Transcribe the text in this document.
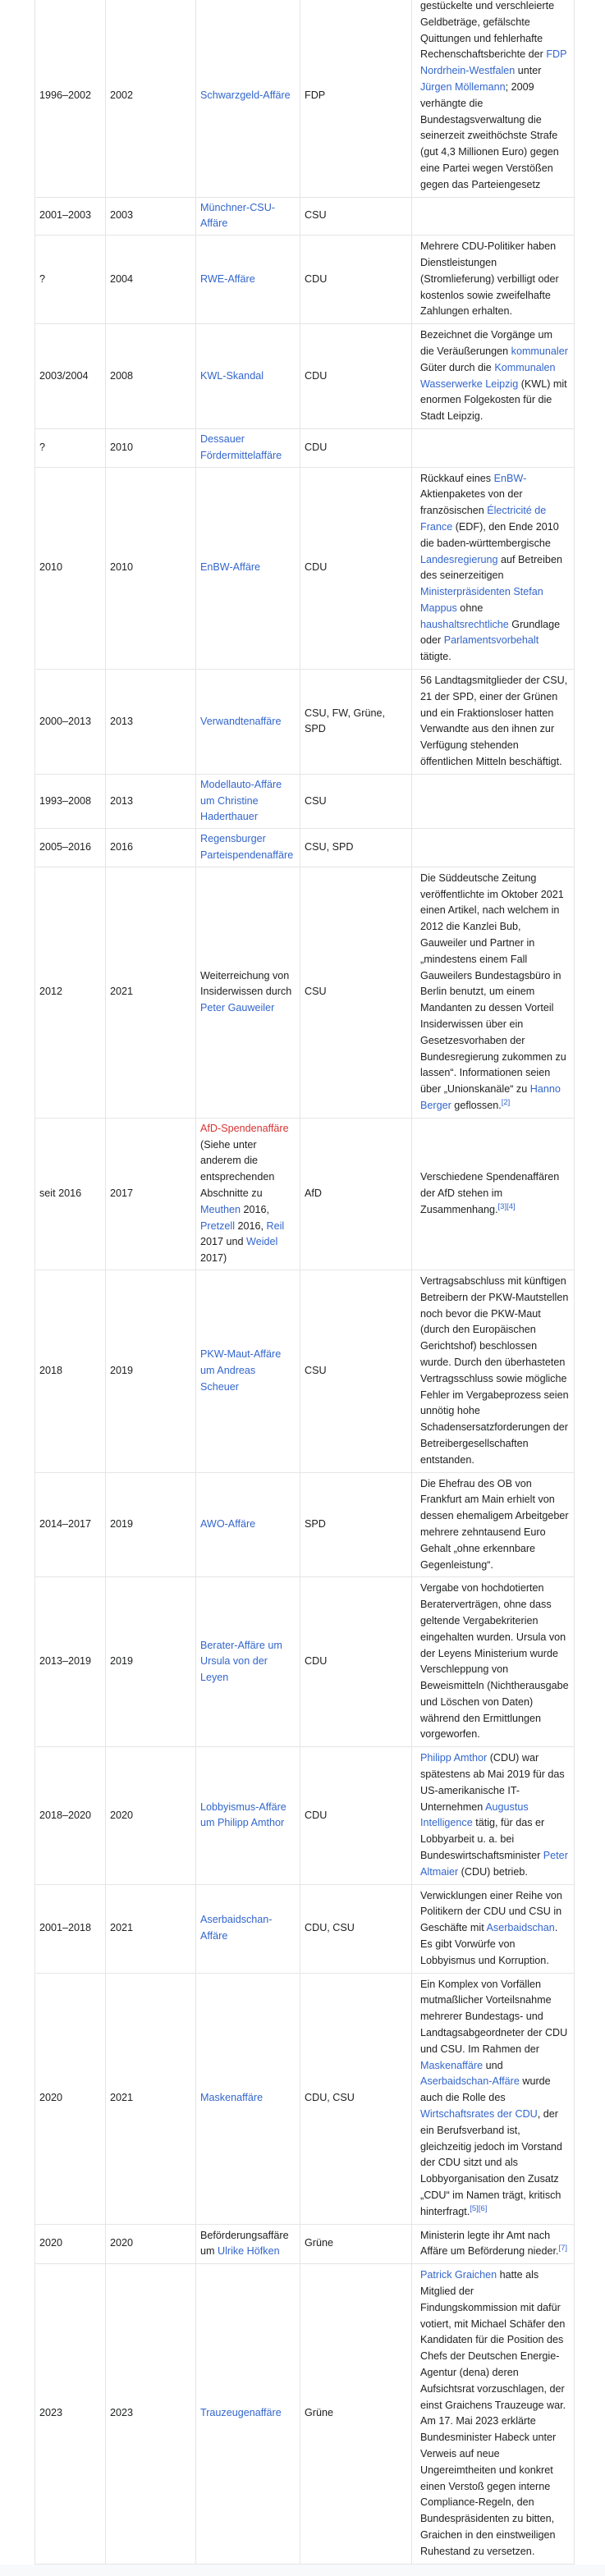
1996–2002	2002	Schwarzgeld-Affäre	FDP	gestückelte und verschleierte Geldbeträge, gefälschte Quittungen und fehlerhafte Rechenschaftsberichte der FDP Nordrhein-Westfalen unter Jürgen Möllemann; 2009 verhängte die Bundestagsverwaltung die seinerzeit zweithöchste Strafe (gut 4,3 Millionen Euro) gegen eine Partei wegen Verstößen gegen das Parteiengesetz
2001–2003	2003	Münchner-CSU-Affäre	CSU	
?	2004	RWE-Affäre	CDU	Mehrere CDU-Politiker haben Dienstleistungen (Stromlieferung) verbilligt oder kostenlos sowie zweifelhafte Zahlungen erhalten.
2003/2004	2008	KWL-Skandal	CDU	Bezeichnet die Vorgänge um die Veräußerungen kommunaler Güter durch die Kommunalen Wasserwerke Leipzig (KWL) mit enormen Folgekosten für die Stadt Leipzig.
?	2010	Dessauer Fördermittelaffäre	CDU	
2010	2010	EnBW-Affäre	CDU	Rückkauf eines EnBW-Aktienpaketes von der französischen Électricité de France (EDF), den Ende 2010 die baden-württembergische Landesregierung auf Betreiben des seinerzeitigen Ministerpräsidenten Stefan Mappus ohne haushaltsrechtliche Grundlage oder Parlamentsvorbehalt tätigte.
2000–2013	2013	Verwandtenaffäre	CSU, FW, Grüne, SPD	56 Landtagsmitglieder der CSU, 21 der SPD, einer der Grünen und ein Fraktionsloser hatten Verwandte aus den ihnen zur Verfügung stehenden öffentlichen Mitteln beschäftigt.
1993–2008	2013	Modellauto-Affäre um Christine Haderthauer	CSU	
2005–2016	2016	Regensburger Parteispendenaffäre	CSU, SPD	
2012	2021	Weiterreichung von Insiderwissen durch Peter Gauweiler	CSU	Die Süddeutsche Zeitung veröffentlichte im Oktober 2021 einen Artikel, nach welchem in 2012 die Kanzlei Bub, Gauweiler und Partner in „mindestens einem Fall Gauweilers Bundestagsbüro in Berlin benutzt, um einem Mandanten zu dessen Vorteil Insiderwissen über ein Gesetzesvorhaben der Bundesregierung zukommen zu lassen“. Informationen seien über „Unionskanäle“ zu Hanno Berger geflossen.[2]
seit 2016	2017	AfD-Spendenaffäre (Siehe unter anderem die entsprechenden Abschnitte zu Meuthen 2016, Pretzell 2016, Reil 2017 und Weidel 2017)	AfD	Verschiedene Spendenaffären der AfD stehen im Zusammenhang.[3][4]
2018	2019	PKW-Maut-Affäre um Andreas Scheuer	CSU	Vertragsabschluss mit künftigen Betreibern der PKW-Mautstellen noch bevor die PKW-Maut (durch den Europäischen Gerichtshof) beschlossen wurde. Durch den überhasteten Vertragsschluss sowie mögliche Fehler im Vergabeprozess seien unnötig hohe Schadensersatzforderungen der Betreibergesellschaften entstanden.
2014–2017	2019	AWO-Affäre	SPD	Die Ehefrau des OB von Frankfurt am Main erhielt von dessen ehemaligem Arbeitgeber mehrere zehntausend Euro Gehalt „ohne erkennbare Gegenleistung“.
2013–2019	2019	Berater-Affäre um Ursula von der Leyen	CDU	Vergabe von hochdotierten Beraterverträgen, ohne dass geltende Vergabekriterien eingehalten wurden. Ursula von der Leyens Ministerium wurde Verschleppung von Beweismitteln (Nichtherausgabe und Löschen von Daten) während den Ermittlungen vorgeworfen.
2018–2020	2020	Lobbyismus-Affäre um Philipp Amthor	CDU	Philipp Amthor (CDU) war spätestens ab Mai 2019 für das US-amerikanische IT-Unternehmen Augustus Intelligence tätig, für das er Lobbyarbeit u. a. bei Bundeswirtschaftsminister Peter Altmaier (CDU) betrieb.
2001–2018	2021	Aserbaidschan-Affäre	CDU, CSU	Verwicklungen einer Reihe von Politikern der CDU und CSU in Geschäfte mit Aserbaidschan. Es gibt Vorwürfe von Lobbyismus und Korruption.
2020	2021	Maskenaffäre	CDU, CSU	Ein Komplex von Vorfällen mutmaßlicher Vorteilsnahme mehrerer Bundestags- und Landtagsabgeordneter der CDU und CSU. Im Rahmen der Maskenaffäre und Aserbaidschan-Affäre wurde auch die Rolle des Wirtschaftsrates der CDU, der ein Berufsverband ist, gleichzeitig jedoch im Vorstand der CDU sitzt und als Lobbyorganisation den Zusatz „CDU“ im Namen trägt, kritisch hinterfragt.[5][6]
2020	2020	Beförderungsaffäre um Ulrike Höfken	Grüne	Ministerin legte ihr Amt nach Affäre um Beförderung nieder.[7]
2023	2023	Trauzeugenaffäre	Grüne	Patrick Graichen hatte als Mitglied der Findungskommission mit dafür votiert, mit Michael Schäfer den Kandidaten für die Position des Chefs der Deutschen Energie-Agentur (dena) deren Aufsichtsrat vorzuschlagen, der einst Graichens Trauzeuge war. Am 17. Mai 2023 erklärte Bundesminister Habeck unter Verweis auf neue Ungereimtheiten und konkret einen Verstoß gegen interne Compliance-Regeln, den Bundespräsidenten zu bitten, Graichen in den einstweiligen Ruhestand zu versetzen.
